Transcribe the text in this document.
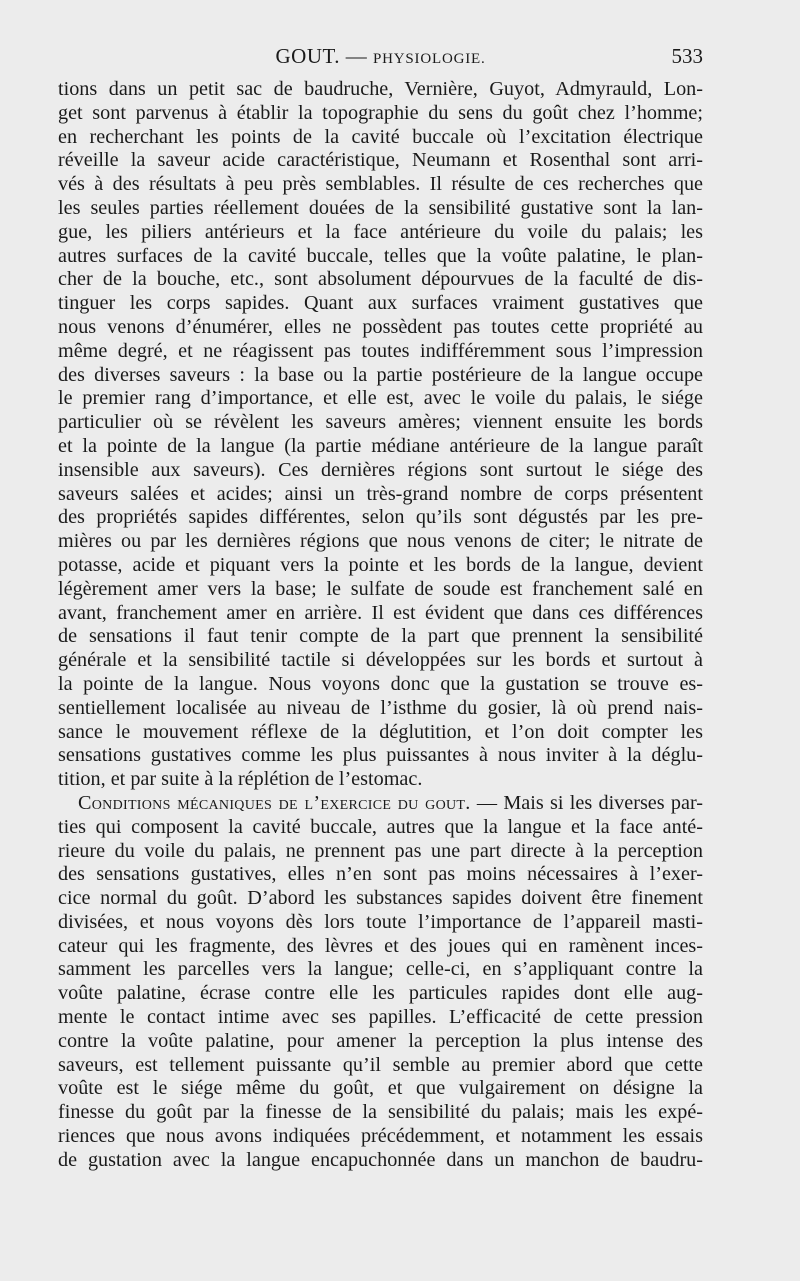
GOUT. — PHYSIOLOGIE.	533
tions dans un petit sac de baudruche, Vernière, Guyot, Admyrauld, Lon-
get sont parvenus à établir la topographie du sens du goût chez l’homme;
en recherchant les points de la cavité buccale où l’excitation électrique
réveille la saveur acide caractéristique, Neumann et Rosenthal sont arri-
vés à des résultats à peu près semblables. Il résulte de ces recherches que
les seules parties réellement douées de la sensibilité gustative sont la lan-
gue, les piliers antérieurs et la face antérieure du voile du palais; les
autres surfaces de la cavité buccale, telles que la voûte palatine, le plan-
cher de la bouche, etc., sont absolument dépourvues de la faculté de dis-
tinguer les corps sapides. Quant aux surfaces vraiment gustatives que
nous venons d’énumérer, elles ne possèdent pas toutes cette propriété au
même degré, et ne réagissent pas toutes indifféremment sous l’impression
des diverses saveurs : la base ou la partie postérieure de la langue occupe
le premier rang d’importance, et elle est, avec le voile du palais, le siége
particulier où se révèlent les saveurs amères; viennent ensuite les bords
et la pointe de la langue (la partie médiane antérieure de la langue paraît
insensible aux saveurs). Ces dernières régions sont surtout le siége des
saveurs salées et acides; ainsi un très-grand nombre de corps présentent
des propriétés sapides différentes, selon qu’ils sont dégustés par les pre-
mières ou par les dernières régions que nous venons de citer; le nitrate de
potasse, acide et piquant vers la pointe et les bords de la langue, devient
légèrement amer vers la base; le sulfate de soude est franchement salé en
avant, franchement amer en arrière. Il est évident que dans ces différences
de sensations il faut tenir compte de la part que prennent la sensibilité
générale et la sensibilité tactile si développées sur les bords et surtout à
la pointe de la langue. Nous voyons donc que la gustation se trouve es-
sentiellement localisée au niveau de l’isthme du gosier, là où prend nais-
sance le mouvement réflexe de la déglutition, et l’on doit compter les
sensations gustatives comme les plus puissantes à nous inviter à la déglu-
tition, et par suite à la réplétion de l’estomac.
Conditions mécaniques de l’exercice du gout. — Mais si les diverses par-
ties qui composent la cavité buccale, autres que la langue et la face anté-
rieure du voile du palais, ne prennent pas une part directe à la perception
des sensations gustatives, elles n’en sont pas moins nécessaires à l’exer-
cice normal du goût. D’abord les substances sapides doivent être finement
divisées, et nous voyons dès lors toute l’importance de l’appareil masti-
cateur qui les fragmente, des lèvres et des joues qui en ramènent inces-
samment les parcelles vers la langue; celle-ci, en s’appliquant contre la
voûte palatine, écrase contre elle les particules rapides dont elle aug-
mente le contact intime avec ses papilles. L’efficacité de cette pression
contre la voûte palatine, pour amener la perception la plus intense des
saveurs, est tellement puissante qu’il semble au premier abord que cette
voûte est le siége même du goût, et que vulgairement on désigne la
finesse du goût par la finesse de la sensibilité du palais; mais les expé-
riences que nous avons indiquées précédemment, et notamment les essais
de gustation avec la langue encapuchonnée dans un manchon de baudru-
